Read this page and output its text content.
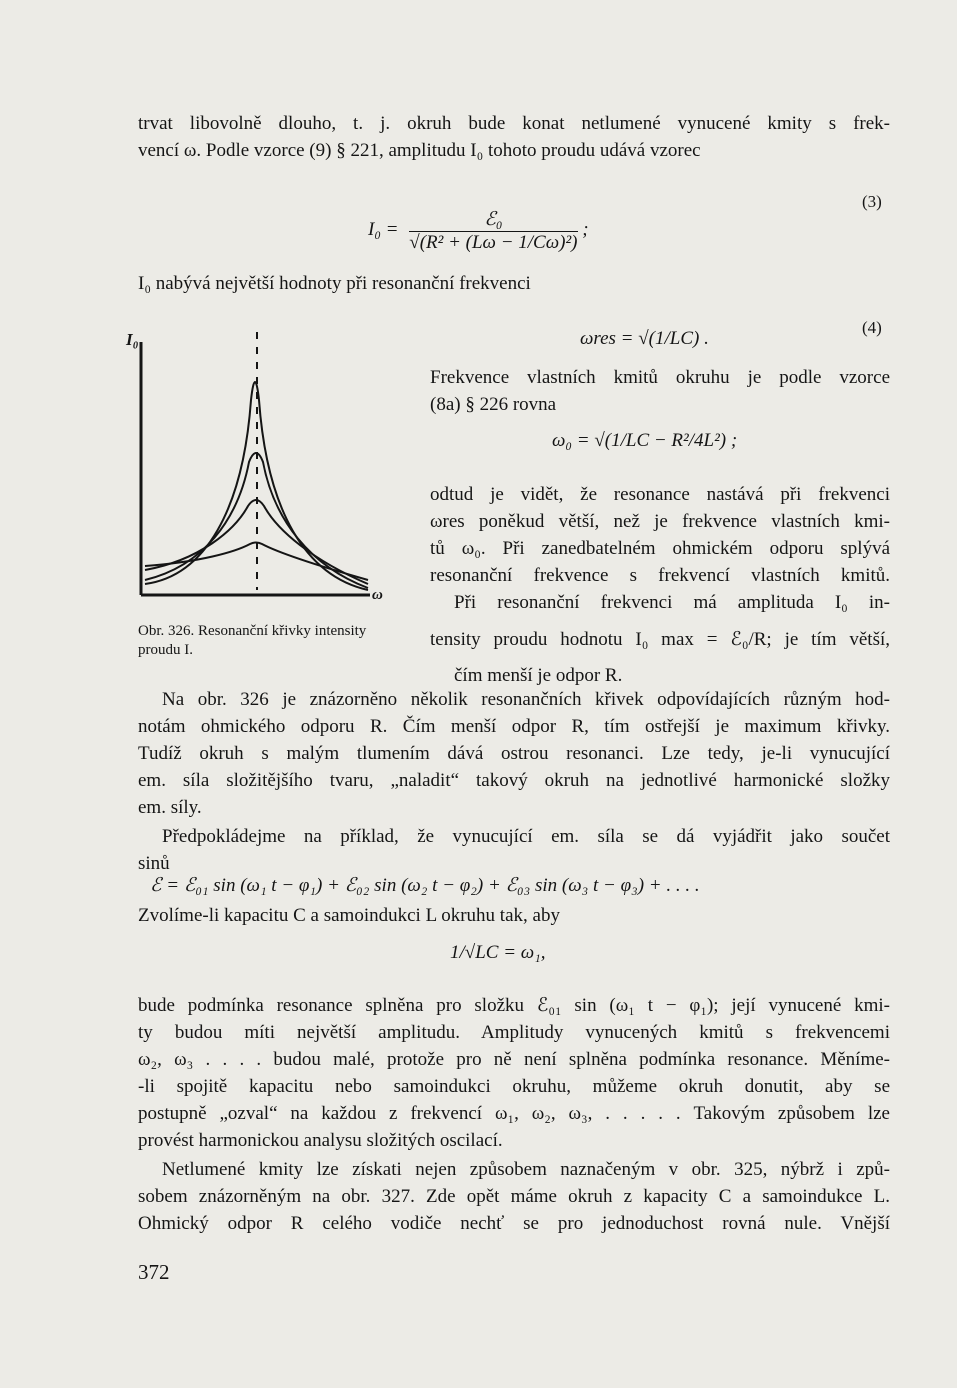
trvat libovolně dlouho, t. j. okruh bude konat netlumené vynucené kmity s frek-
vencí ω. Podle vzorce (9) § 221, amplitudu I₀ tohoto proudu udává vzorec
I₀ =	ℰ₀
√(R² + (Lω − 1/Cω)²)
;
(3)
I₀ nabývá největší hodnoty při resonanční frekvenci
ωres = √(1/LC) .
(4)
Frekvence vlastních kmitů okruhu je podle vzorce
(8a) § 226 rovna
ω₀ = √(1/LC − R²/4L²) ;
odtud je vidět, že resonance nastává při frekvenci
ωres poněkud větší, než je frekvence vlastních kmi-
tů ω₀. Při zanedbatelném ohmickém odporu splývá
resonanční frekvence s frekvencí vlastních kmitů.
Při resonanční frekvenci má amplituda I₀ in-
tensity proudu hodnotu I₀ max = ℰ₀/R; je tím větší,
čím menší je odpor R.
I₀
ω
Obr. 326. Resonanční křivky intensity proudu I.
Na obr. 326 je znázorněno několik resonančních křivek odpovídajících různým hod-
notám ohmického odporu R. Čím menší odpor R, tím ostřejší je maximum křivky.
Tudíž okruh s malým tlumením dává ostrou resonanci. Lze tedy, je-li vynucující
em. síla složitějšího tvaru, „naladit“ takový okruh na jednotlivé harmonické složky
em. síly.
Předpokládejme na příklad, že vynucující em. síla se dá vyjádřit jako součet
sinů
ℰ = ℰ₀₁ sin (ω₁ t − φ₁) + ℰ₀₂ sin (ω₂ t − φ₂) + ℰ₀₃ sin (ω₃ t − φ₃) + . . . .
Zvolíme-li kapacitu C a samoindukci L okruhu tak, aby
1/√LC = ω₁,
bude podmínka resonance splněna pro složku ℰ₀₁ sin (ω₁ t − φ₁); její vynucené kmi-
ty budou míti největší amplitudu. Amplitudy vynucených kmitů s frekvencemi
ω₂, ω₃ . . . . budou malé, protože pro ně není splněna podmínka resonance. Měníme-
-li spojitě kapacitu nebo samoindukci okruhu, můžeme okruh donutit, aby se
postupně „ozval“ na každou z frekvencí ω₁, ω₂, ω₃, . . . . . Takovým způsobem lze
provést harmonickou analysu složitých oscilací.
Netlumené kmity lze získati nejen způsobem naznačeným v obr. 325, nýbrž i způ-
sobem znázorněným na obr. 327. Zde opět máme okruh z kapacity C a samoindukce L.
Ohmický odpor R celého vodiče nechť se pro jednoduchost rovná nule. Vnější
372
